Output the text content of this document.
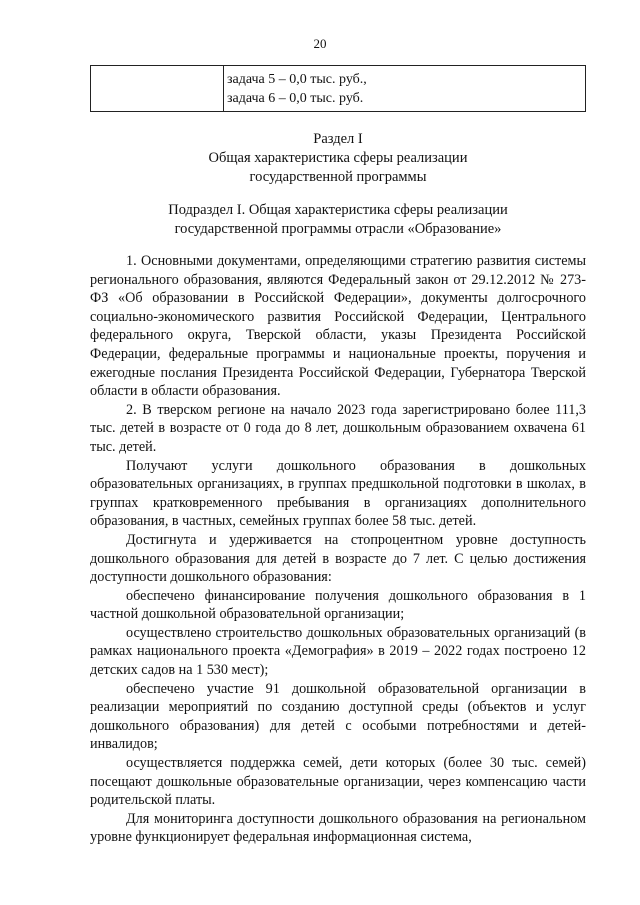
20

задача 5 – 0,0 тыс. руб.,
задача 6 – 0,0 тыс. руб.
Раздел I
Общая характеристика сферы реализации
государственной программы
Подраздел I. Общая характеристика сферы реализации
государственной программы отрасли «Образование»

1. Основными документами, определяющими стратегию развития системы регионального образования, являются Федеральный закон от 29.12.2012 № 273-ФЗ «Об образовании в Российской Федерации», документы долгосрочного социально-экономического развития Российской Федерации, Центрального федерального округа, Тверской области, указы Президента Российской Федерации, федеральные программы и национальные проекты, поручения и ежегодные послания Президента Российской Федерации, Губернатора Тверской области в области образования.

2. В тверском регионе на начало 2023 года зарегистрировано более 111,3 тыс. детей в возрасте от 0 года до 8 лет, дошкольным образованием охвачена 61 тыс. детей.

Получают услуги дошкольного образования в дошкольных образовательных организациях, в группах предшкольной подготовки в школах, в группах кратковременного пребывания в организациях дополнительного образования, в частных, семейных группах более 58 тыс. детей.

Достигнута и удерживается на стопроцентном уровне доступность дошкольного образования для детей в возрасте до 7 лет. С целью достижения доступности дошкольного образования:

обеспечено финансирование получения дошкольного образования в 1 частной дошкольной образовательной организации;

осуществлено строительство дошкольных образовательных организаций (в рамках национального проекта «Демография» в 2019 – 2022 годах построено 12 детских садов на 1 530 мест);

обеспечено участие 91 дошкольной образовательной организации в реализации мероприятий по созданию доступной среды (объектов и услуг дошкольного образования) для детей с особыми потребностями и детей-инвалидов;

осуществляется поддержка семей, дети которых (более 30 тыс. семей) посещают дошкольные образовательные организации, через компенсацию части родительской платы.

Для мониторинга доступности дошкольного образования на региональном уровне функционирует федеральная информационная система,
